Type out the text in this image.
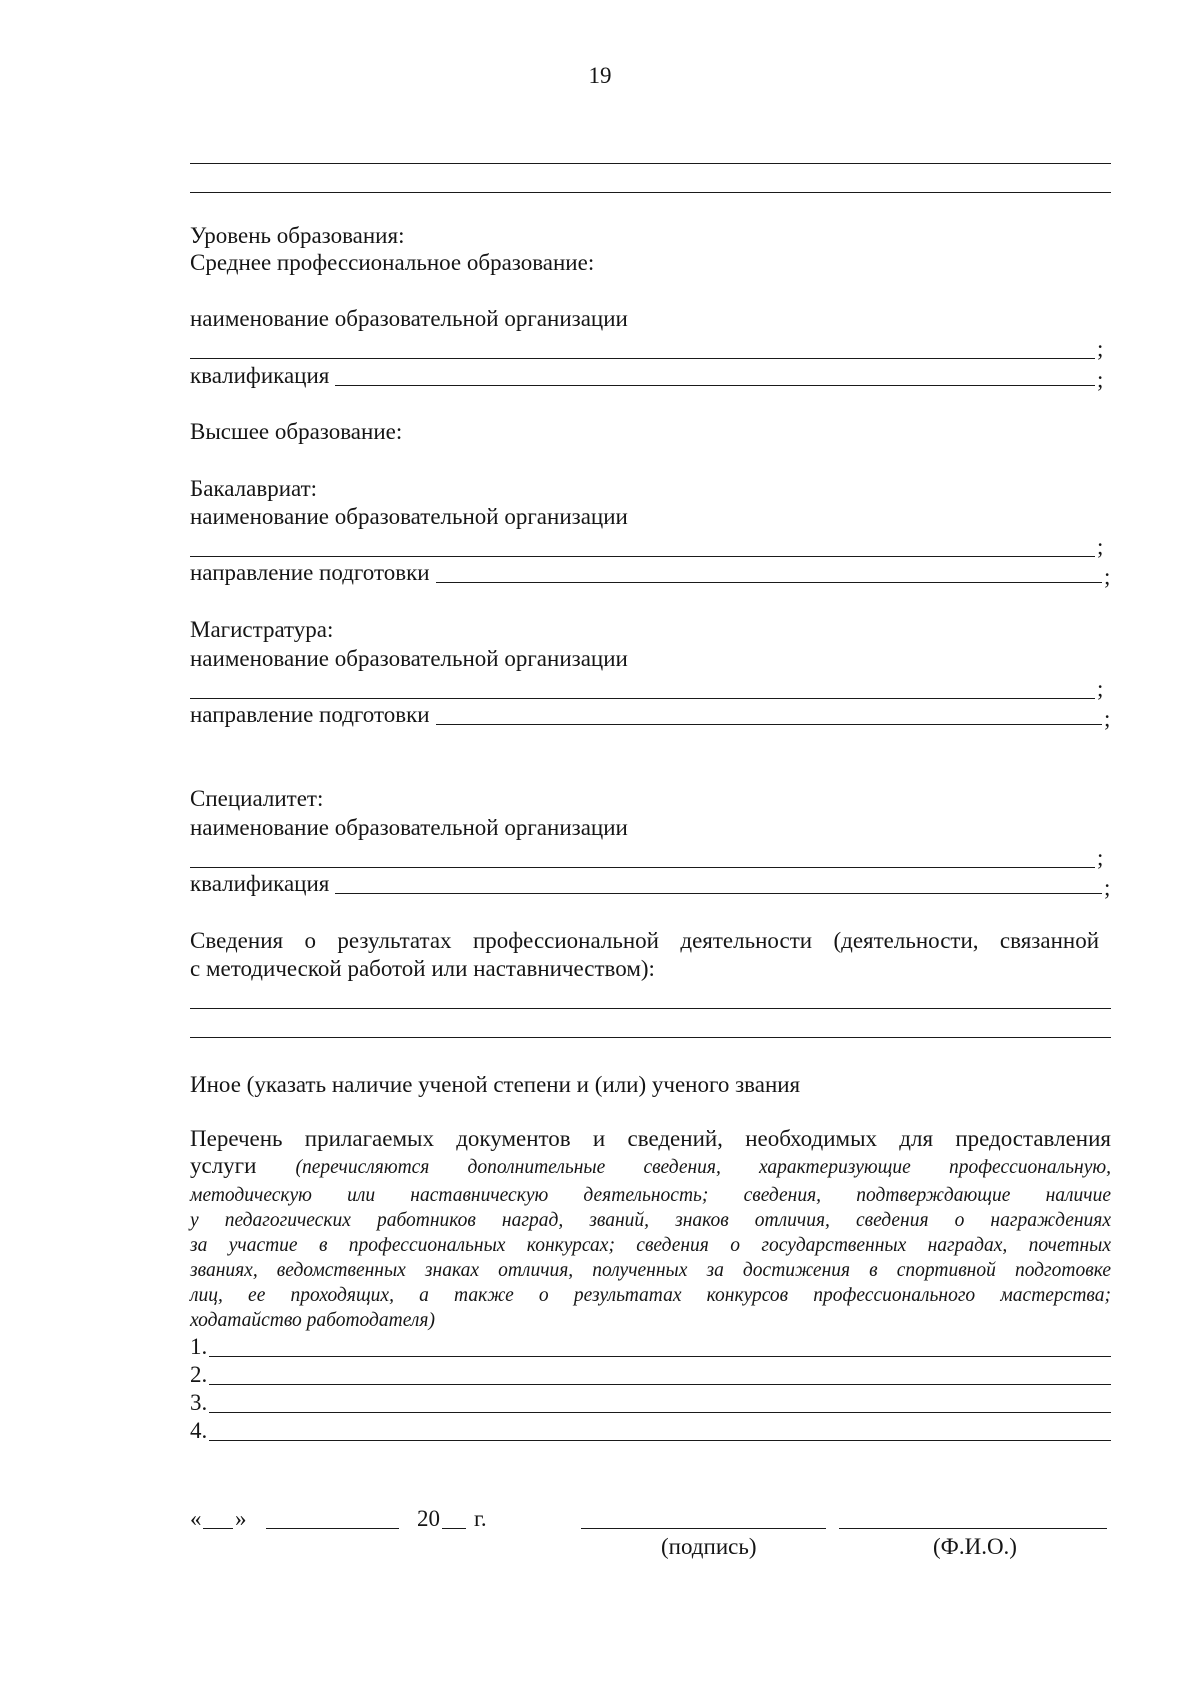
19
Уровень образования:
Среднее профессиональное образование:
наименование образовательной организации
;
квалификация	;
Высшее образование:
Бакалавриат:
наименование образовательной организации
;
направление подготовки	;
Магистратура:
наименование образовательной организации
;
направление подготовки	;
Специалитет:
наименование образовательной организации
;
квалификация	;
Сведения о результатах профессиональной деятельности (деятельности, связанной
с методической работой или наставничеством):
Иное (указать наличие ученой степени и (или) ученого звания
Перечень прилагаемых документов и сведений, необходимых для предоставления
услуги (перечисляются дополнительные сведения, характеризующие профессиональную,
методическую или наставническую деятельность; сведения, подтверждающие наличие
у педагогических работников наград, званий, знаков отличия, сведения о награждениях
за участие в профессиональных конкурсах; сведения о государственных наградах, почетных
званиях, ведомственных знаках отличия, полученных за достижения в спортивной подготовке
лиц, ее проходящих, а также о результатах конкурсов профессионального мастерства;
ходатайство работодателя)
1.
2.
3.
4.
« »	20 г.
(подпись)	(Ф.И.О.)
